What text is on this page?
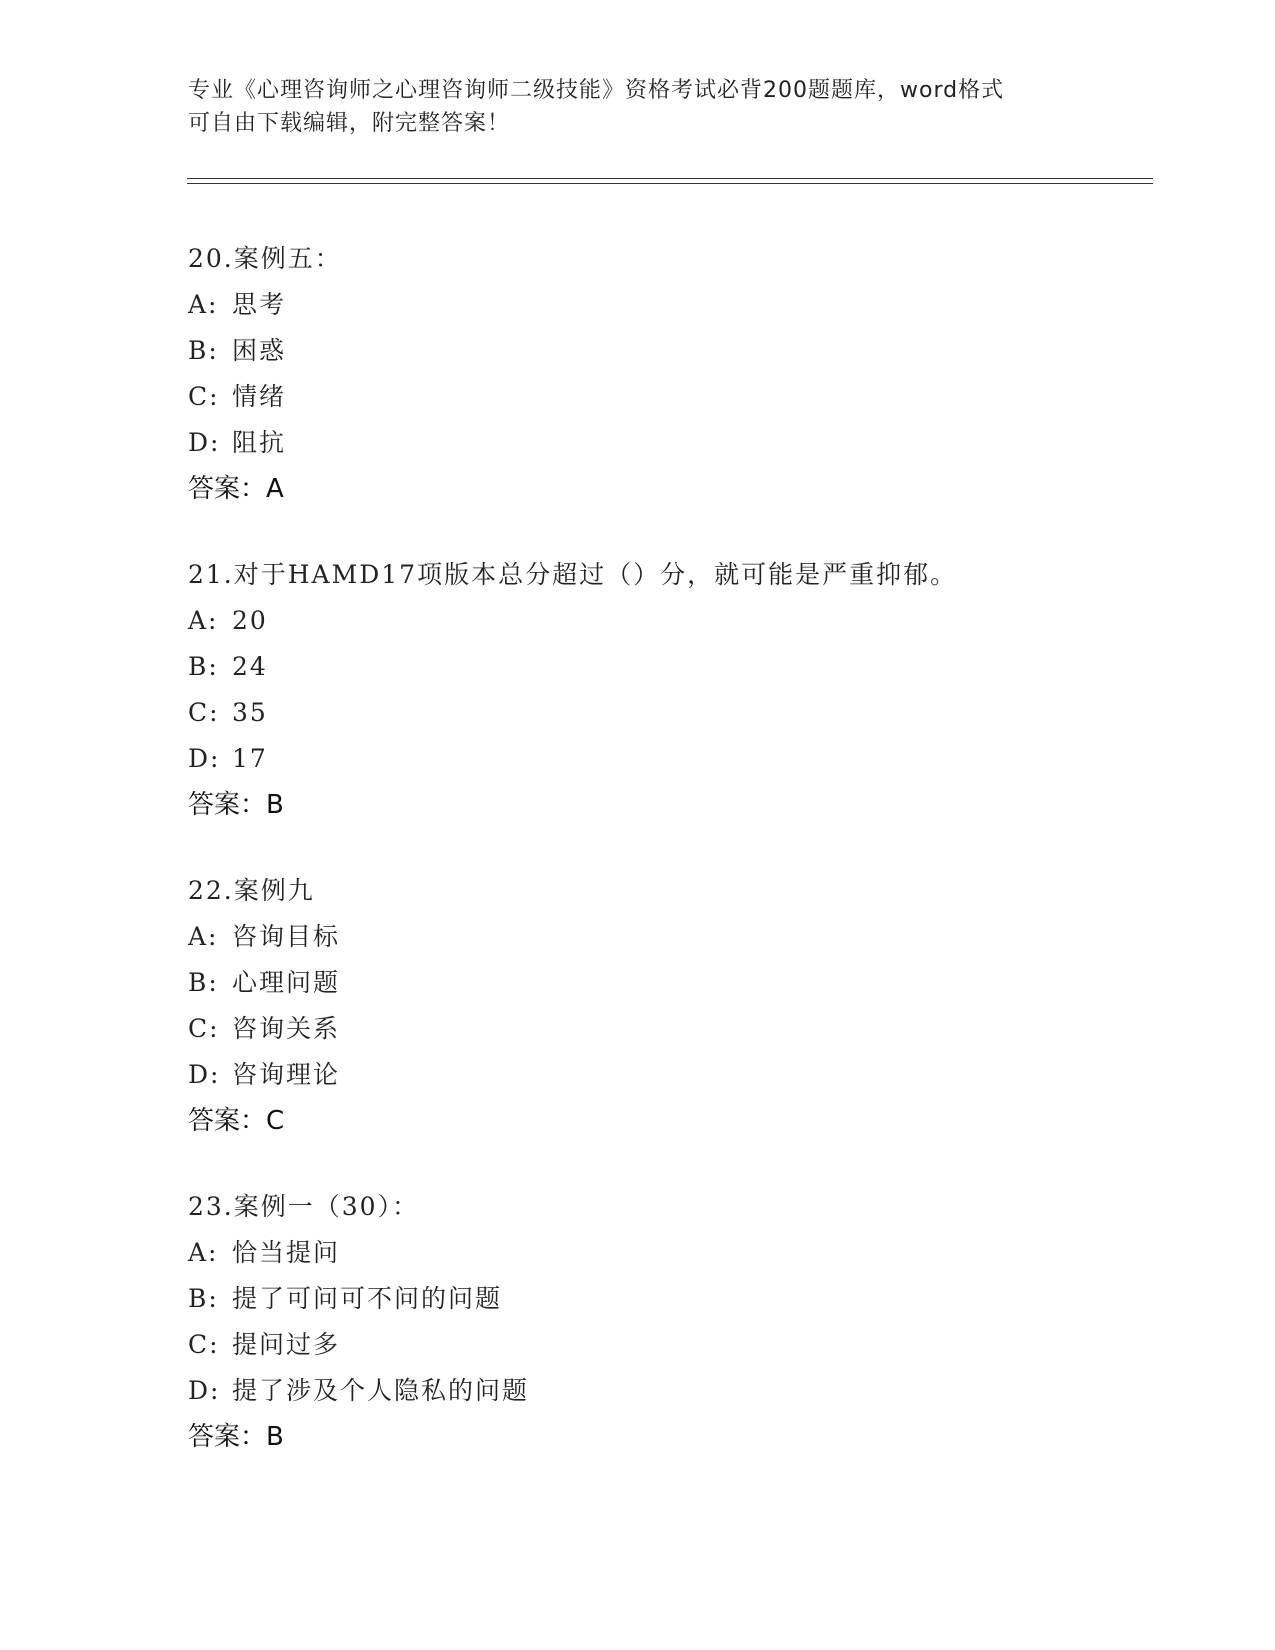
专业《心理咨询师之心理咨询师二级技能》资格考试必背200题题库，word格式
可自由下载编辑，附完整答案！
20.案例五：
A: 思考
B: 困惑
C: 情绪
D: 阻抗
答案：A
21.对于HAMD17项版本总分超过（）分，就可能是严重抑郁。
A: 20
B: 24
C: 35
D: 17
答案：B
22.案例九
A: 咨询目标
B: 心理问题
C: 咨询关系
D: 咨询理论
答案：C
23.案例一（30）：
A: 恰当提问
B: 提了可问可不问的问题
C: 提问过多
D: 提了涉及个人隐私的问题
答案：B
